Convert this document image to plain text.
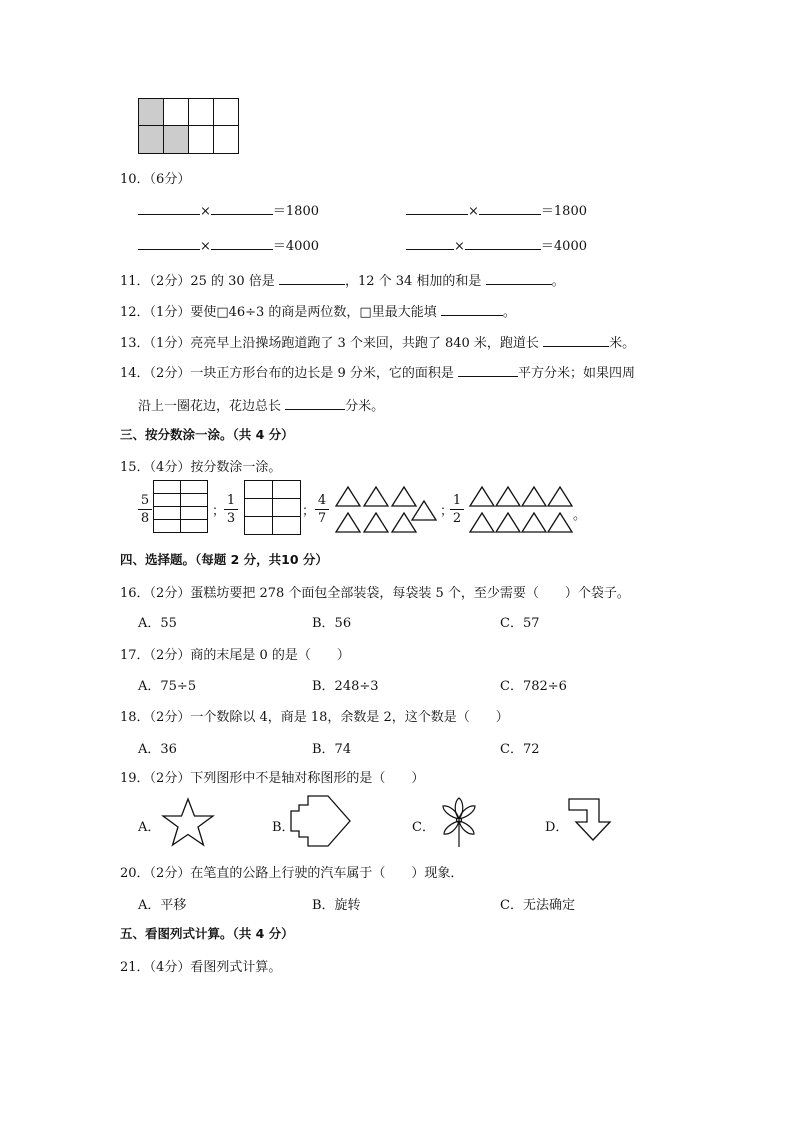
10．（6分）
×	＝1800	×	＝1800
×	＝4000	×	＝4000
11．（2分）25 的 30 倍是	，12 个 34 相加的和是	。
12．（1分）要使□46÷3 的商是两位数，□里最大能填	。
13．（1分）亮亮早上沿操场跑道跑了 3 个来回，共跑了 840 米，跑道长	米。
14．（2分）一块正方形台布的边长是 9 分米，它的面积是	平方分米；如果四周
沿上一圈花边，花边总长	分米。
三、按分数涂一涂。（共 4 分）
15．（4分）按分数涂一涂。
5
8

		；
1
3

		；
4
7	；
1
2	。
四、选择题。（每题 2 分，共10 分）
16．（2分）蛋糕坊要把 278 个面包全部装袋，每袋装 5 个，至少需要（　　）个袋子。
A．55	B．56	C．57
17．（2分）商的末尾是 0 的是（　　）
A．75÷5	B．248÷3	C．782÷6
18．（2分）一个数除以 4，商是 18，余数是 2，这个数是（　　）
A．36	B．74	C．72
19．（2分）下列图形中不是轴对称图形的是（　　）
A．	B．	C．	D．
20．（2分）在笔直的公路上行驶的汽车属于（　　）现象．
A．平移	B．旋转	C．无法确定
五、看图列式计算。（共 4 分）
21．（4分）看图列式计算。
